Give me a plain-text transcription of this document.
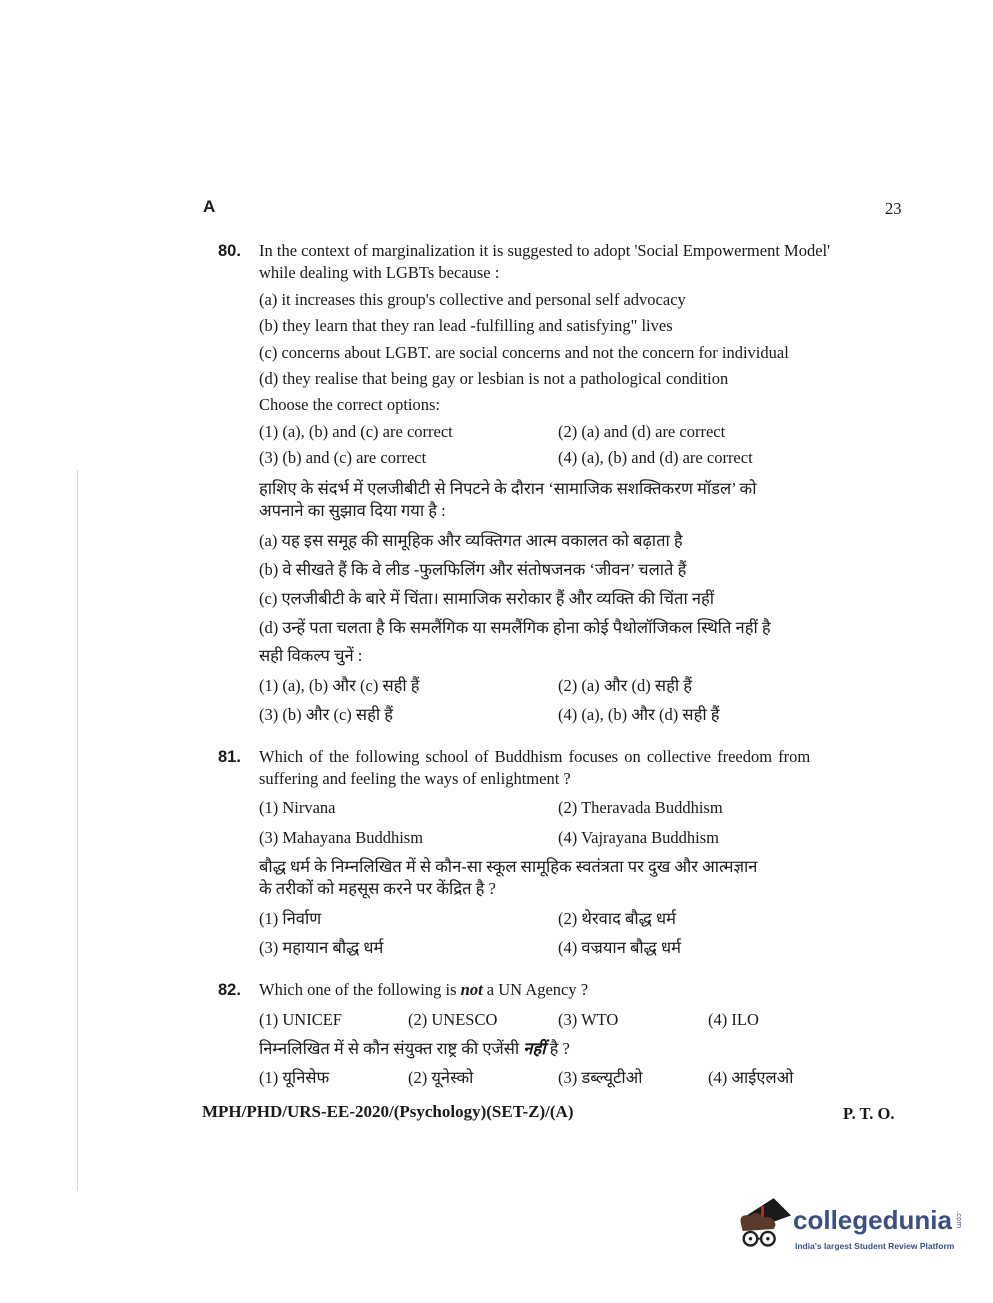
A	23
80. In the context of marginalization it is suggested to adopt 'Social Empowerment Model'
while dealing with LGBTs because :
(a) it increases this group's collective and personal self advocacy
(b) they learn that they ran lead -fulfilling and satisfying" lives
(c) concerns about LGBT. are social concerns and not the concern for individual
(d) they realise that being gay or lesbian is not a pathological condition
Choose the correct options:
(1) (a), (b) and (c) are correct	(2) (a) and (d) are correct
(3) (b) and (c) are correct	(4) (a), (b) and (d) are correct
हाशिए के संदर्भ में एलजीबीटी से निपटने के दौरान ‘सामाजिक सशक्तिकरण मॉडल’ को
अपनाने का सुझाव दिया गया है :
(a) यह इस समूह की सामूहिक और व्यक्तिगत आत्म वकालत को बढ़ाता है
(b) वे सीखते हैं कि वे लीड -फुलफिलिंग और संतोषजनक ‘जीवन’ चलाते हैं
(c) एलजीबीटी के बारे में चिंता। सामाजिक सरोकार हैं और व्यक्ति की चिंता नहीं
(d) उन्हें पता चलता है कि समलैंगिक या समलैंगिक होना कोई पैथोलॉजिकल स्थिति नहीं है
सही विकल्प चुनें :
(1) (a), (b) और (c) सही हैं	(2) (a) और (d) सही हैं
(3) (b) और (c) सही हैं	(4) (a), (b) और (d) सही हैं
81. Which of the following school of Buddhism focuses on collective freedom from
suffering and feeling the ways of enlightment ?
(1) Nirvana	(2) Theravada Buddhism
(3) Mahayana Buddhism	(4) Vajrayana Buddhism
बौद्ध धर्म के निम्नलिखित में से कौन-सा स्कूल सामूहिक स्वतंत्रता पर दुख और आत्मज्ञान
के तरीकों को महसूस करने पर केंद्रित है ?
(1) निर्वाण	(2) थेरवाद बौद्ध धर्म
(3) महायान बौद्ध धर्म	(4) वज्रयान बौद्ध धर्म
82. Which one of the following is not a UN Agency ?
(1) UNICEF	(2) UNESCO	(3) WTO	(4) ILO
निम्नलिखित में से कौन संयुक्त राष्ट्र की एजेंसी नहीं है ?
(1) यूनिसेफ	(2) यूनेस्को	(3) डब्ल्यूटीओ	(4) आईएलओ
MPH/PHD/URS-EE-2020/(Psychology)(SET-Z)/(A)	P. T. O.
collegedunia .com
India's largest Student Review Platform
